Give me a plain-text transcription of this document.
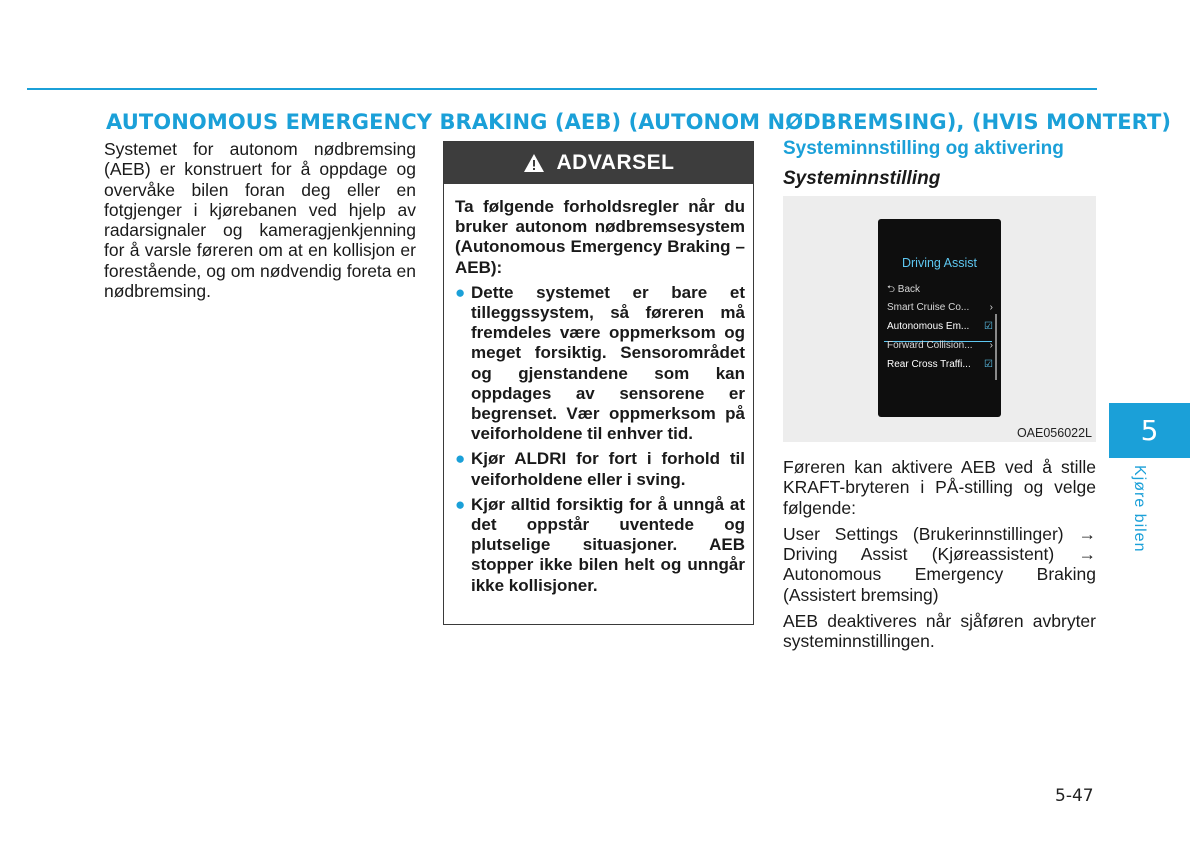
AUTONOMOUS EMERGENCY BRAKING (AEB) (AUTONOM NØDBREMSING), (HVIS MONTERT)
Systemet for autonom nødbremsing (AEB) er konstruert for å oppdage og overvåke bilen foran deg eller en fotgjenger i kjørebanen ved hjelp av radarsignaler og kameragjenkjenning for å varsle føreren om at en kollisjon er forestående, og om nødvendig foreta en nødbremsing.
ADVARSEL

Ta følgende forholdsregler når du bruker autonom nødbremsesystem (Autonomous Emergency Braking – AEB):

● Dette systemet er bare et tilleggssystem, så føreren må fremdeles være oppmerksom og meget forsiktig. Sensorområdet og gjenstandene som kan oppdages av sensorene er begrenset. Vær oppmerksom på veiforholdene til enhver tid.
● Kjør ALDRI for fort i forhold til veiforholdene eller i sving.
● Kjør alltid forsiktig for å unngå at det oppstår uventede og plutselige situasjoner. AEB stopper ikke bilen helt og unngår ikke kollisjoner.

Systeminnstilling og aktivering

Systeminnstilling

Driving Assist
⮌ Back
Smart Cruise Co... ›
Autonomous Em... ☑
Forward Collision... ›
Rear Cross Traffi... ☑
OAE056022L

Føreren kan aktivere AEB ved å stille KRAFT-bryteren i PÅ-stilling og velge følgende:

User Settings (Brukerinnstillinger) → Driving Assist (Kjøreassistent) → Autonomous Emergency Braking (Assistert bremsing)

AEB deaktiveres når sjåføren avbryter systeminnstillingen.

5
Kjøre bilen
5-47
